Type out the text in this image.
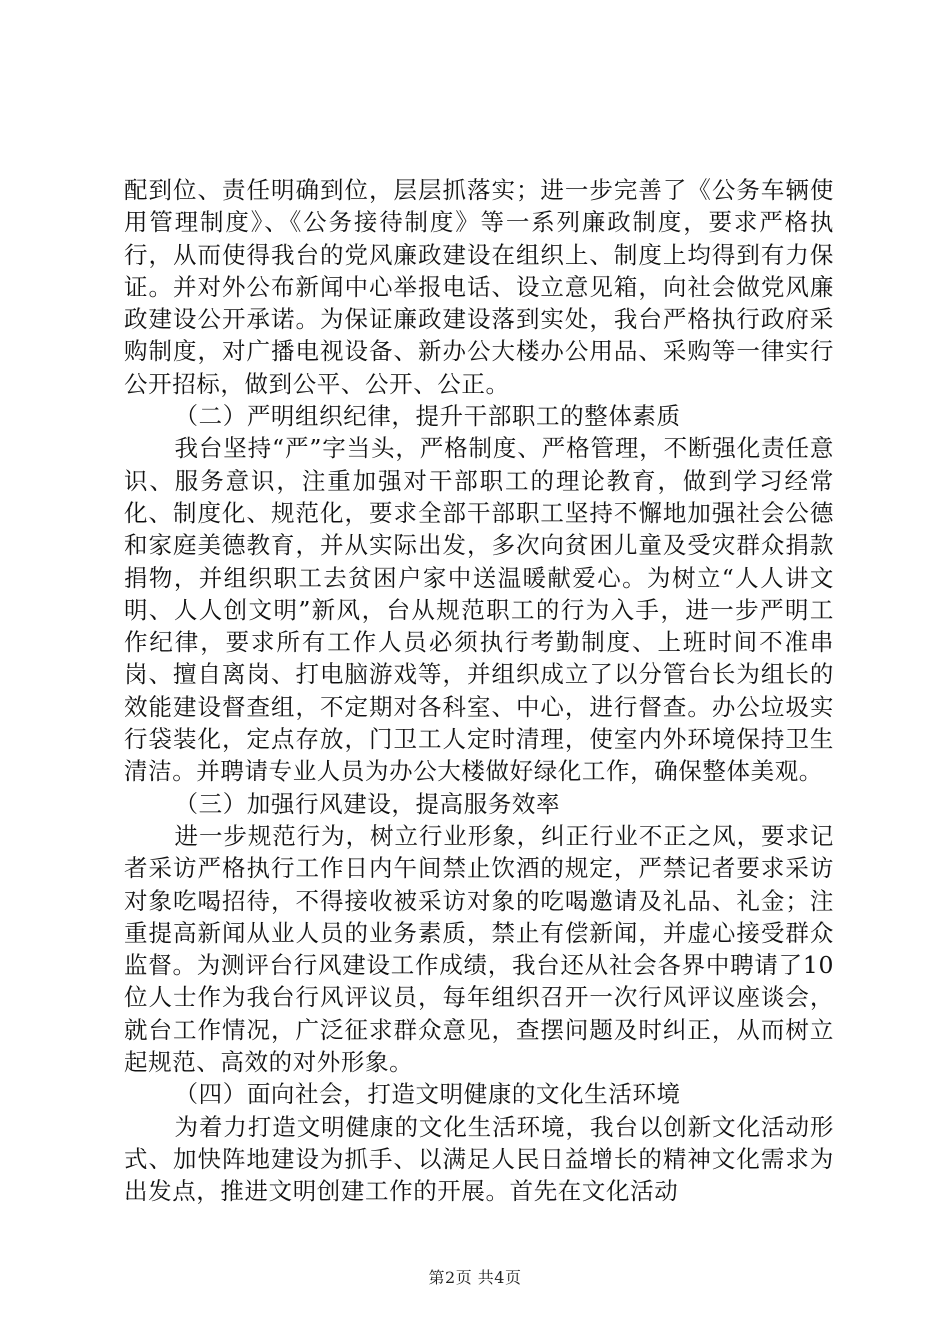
配到位、责任明确到位，层层抓落实；进一步完善了《公务车辆使用管理制度》、《公务接待制度》等一系列廉政制度，要求严格执行，从而使得我台的党风廉政建设在组织上、制度上均得到有力保证。并对外公布新闻中心举报电话、设立意见箱，向社会做党风廉政建设公开承诺。为保证廉政建设落到实处，我台严格执行政府采购制度，对广播电视设备、新办公大楼办公用品、采购等一律实行公开招标，做到公平、公开、公正。

（二）严明组织纪律，提升干部职工的整体素质

我台坚持“严”字当头，严格制度、严格管理，不断强化责任意识、服务意识，注重加强对干部职工的理论教育，做到学习经常化、制度化、规范化，要求全部干部职工坚持不懈地加强社会公德和家庭美德教育，并从实际出发，多次向贫困儿童及受灾群众捐款捐物，并组织职工去贫困户家中送温暖献爱心。为树立“人人讲文明、人人创文明”新风，台从规范职工的行为入手，进一步严明工作纪律，要求所有工作人员必须执行考勤制度、上班时间不准串岗、擅自离岗、打电脑游戏等，并组织成立了以分管台长为组长的效能建设督查组，不定期对各科室、中心，进行督查。办公垃圾实行袋装化，定点存放，门卫工人定时清理，使室内外环境保持卫生清洁。并聘请专业人员为办公大楼做好绿化工作，确保整体美观。

（三）加强行风建设，提高服务效率

进一步规范行为，树立行业形象，纠正行业不正之风，要求记者采访严格执行工作日内午间禁止饮酒的规定，严禁记者要求采访对象吃喝招待，不得接收被采访对象的吃喝邀请及礼品、礼金；注重提高新闻从业人员的业务素质，禁止有偿新闻，并虚心接受群众监督。为测评台行风建设工作成绩，我台还从社会各界中聘请了10位人士作为我台行风评议员，每年组织召开一次行风评议座谈会，就台工作情况，广泛征求群众意见，查摆问题及时纠正，从而树立起规范、高效的对外形象。

（四）面向社会，打造文明健康的文化生活环境

为着力打造文明健康的文化生活环境，我台以创新文化活动形式、加快阵地建设为抓手、以满足人民日益增长的精神文化需求为出发点，推进文明创建工作的开展。首先在文化活动

第2页 共4页
